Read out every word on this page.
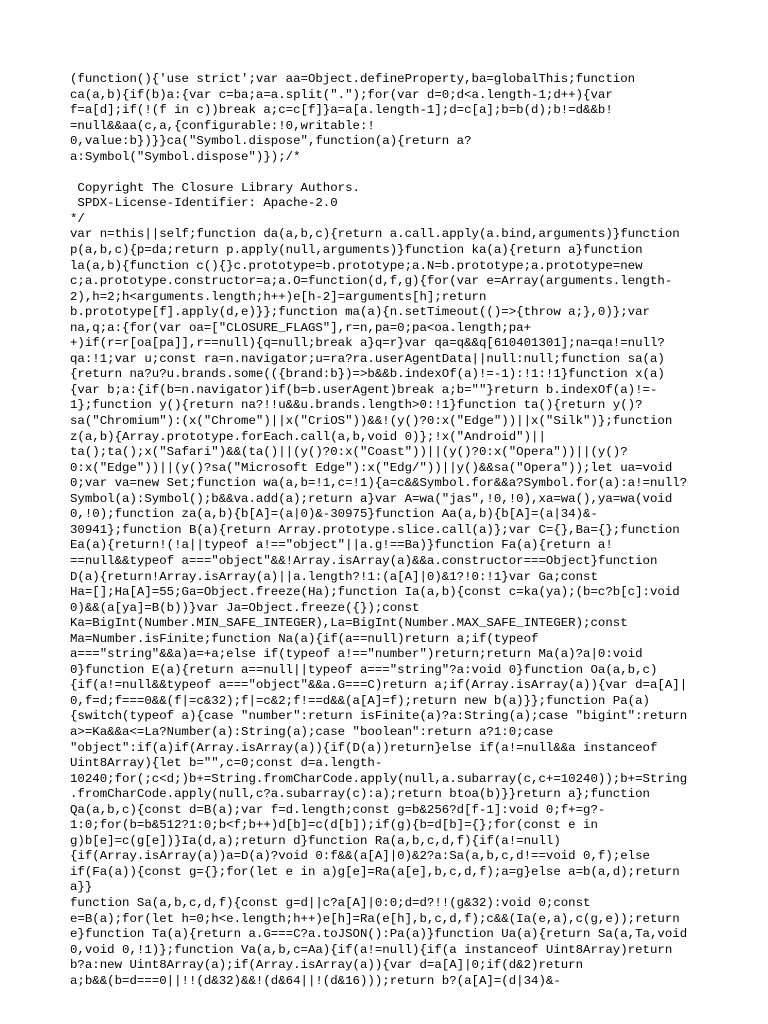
(function(){'use strict';var aa=Object.defineProperty,ba=globalThis;function
ca(a,b){if(b)a:{var c=ba;a=a.split(".");for(var d=0;d<a.length-1;d++){var
f=a[d];if(!(f in c))break a;c=c[f]}a=a[a.length-1];d=c[a];b=b(d);b!=d&&b!
=null&&aa(c,a,{configurable:!0,writable:!
0,value:b})}}ca("Symbol.dispose",function(a){return a?
a:Symbol("Symbol.dispose")});/*

Copyright The Closure Library Authors.
SPDX-License-Identifier: Apache-2.0
*/
var n=this||self;function da(a,b,c){return a.call.apply(a.bind,arguments)}function
p(a,b,c){p=da;return p.apply(null,arguments)}function ka(a){return a}function
la(a,b){function c(){}c.prototype=b.prototype;a.N=b.prototype;a.prototype=new
c;a.prototype.constructor=a;a.O=function(d,f,g){for(var e=Array(arguments.length-
2),h=2;h<arguments.length;h++)e[h-2]=arguments[h];return
b.prototype[f].apply(d,e)}};function ma(a){n.setTimeout(()=>{throw a;},0)};var
na,q;a:{for(var oa=["CLOSURE_FLAGS"],r=n,pa=0;pa<oa.length;pa+
+)if(r=r[oa[pa]],r==null){q=null;break a}q=r}var qa=q&&q[610401301];na=qa!=null?
qa:!1;var u;const ra=n.navigator;u=ra?ra.userAgentData||null:null;function sa(a)
{return na?u?u.brands.some(({brand:b})=>b&&b.indexOf(a)!=-1):!1:!1}function x(a)
{var b;a:{if(b=n.navigator)if(b=b.userAgent)break a;b=""}return b.indexOf(a)!=-
1};function y(){return na?!!u&&u.brands.length>0:!1}function ta(){return y()?
sa("Chromium"):(x("Chrome")||x("CriOS"))&&!(y()?0:x("Edge"))||x("Silk")};function
z(a,b){Array.prototype.forEach.call(a,b,void 0)};!x("Android")||
ta();ta();x("Safari")&&(ta()||(y()?0:x("Coast"))||(y()?0:x("Opera"))||(y()?
0:x("Edge"))||(y()?sa("Microsoft Edge"):x("Edg/"))||y()&&sa("Opera"));let ua=void
0;var va=new Set;function wa(a,b=!1,c=!1){a=c&&Symbol.for&&a?Symbol.for(a):a!=null?
Symbol(a):Symbol();b&&va.add(a);return a}var A=wa("jas",!0,!0),xa=wa(),ya=wa(void
0,!0);function za(a,b){b[A]=(a|0)&-30975}function Aa(a,b){b[A]=(a|34)&-
30941};function B(a){return Array.prototype.slice.call(a)};var C={},Ba={};function
Ea(a){return!(!a||typeof a!=="object"||a.g!==Ba)}function Fa(a){return a!
==null&&typeof a==="object"&&!Array.isArray(a)&&a.constructor===Object}function
D(a){return!Array.isArray(a)||a.length?!1:(a[A]|0)&1?!0:!1}var Ga;const
Ha=[];Ha[A]=55;Ga=Object.freeze(Ha);function Ia(a,b){const c=ka(ya);(b=c?b[c]:void
0)&&(a[ya]=B(b))}var Ja=Object.freeze({});const
Ka=BigInt(Number.MIN_SAFE_INTEGER),La=BigInt(Number.MAX_SAFE_INTEGER);const
Ma=Number.isFinite;function Na(a){if(a==null)return a;if(typeof
a==="string"&&a)a=+a;else if(typeof a!=="number")return;return Ma(a)?a|0:void
0}function E(a){return a==null||typeof a==="string"?a:void 0}function Oa(a,b,c)
{if(a!=null&&typeof a==="object"&&a.G===C)return a;if(Array.isArray(a)){var d=a[A]|
0,f=d;f===0&&(f|=c&32);f|=c&2;f!==d&&(a[A]=f);return new b(a)}};function Pa(a)
{switch(typeof a){case "number":return isFinite(a)?a:String(a);case "bigint":return
a>=Ka&&a<=La?Number(a):String(a);case "boolean":return a?1:0;case
"object":if(a)if(Array.isArray(a)){if(D(a))return}else if(a!=null&&a instanceof
Uint8Array){let b="",c=0;const d=a.length-
10240;for(;c<d;)b+=String.fromCharCode.apply(null,a.subarray(c,c+=10240));b+=String
.fromCharCode.apply(null,c?a.subarray(c):a);return btoa(b)}}return a};function
Qa(a,b,c){const d=B(a);var f=d.length;const g=b&256?d[f-1]:void 0;f+=g?-
1:0;for(b=b&512?1:0;b<f;b++)d[b]=c(d[b]);if(g){b=d[b]={};for(const e in
g)b[e]=c(g[e])}Ia(d,a);return d}function Ra(a,b,c,d,f){if(a!=null)
{if(Array.isArray(a))a=D(a)?void 0:f&&(a[A]|0)&2?a:Sa(a,b,c,d!==void 0,f);else
if(Fa(a)){const g={};for(let e in a)g[e]=Ra(a[e],b,c,d,f);a=g}else a=b(a,d);return
a}}
function Sa(a,b,c,d,f){const g=d||c?a[A]|0:0;d=d?!!(g&32):void 0;const
e=B(a);for(let h=0;h<e.length;h++)e[h]=Ra(e[h],b,c,d,f);c&&(Ia(e,a),c(g,e));return
e}function Ta(a){return a.G===C?a.toJSON():Pa(a)}function Ua(a){return Sa(a,Ta,void
0,void 0,!1)};function Va(a,b,c=Aa){if(a!=null){if(a instanceof Uint8Array)return
b?a:new Uint8Array(a);if(Array.isArray(a)){var d=a[A]|0;if(d&2)return
a;b&&(b=d===0||!!(d&32)&&!(d&64||!(d&16)));return b?(a[A]=(d|34)&-
